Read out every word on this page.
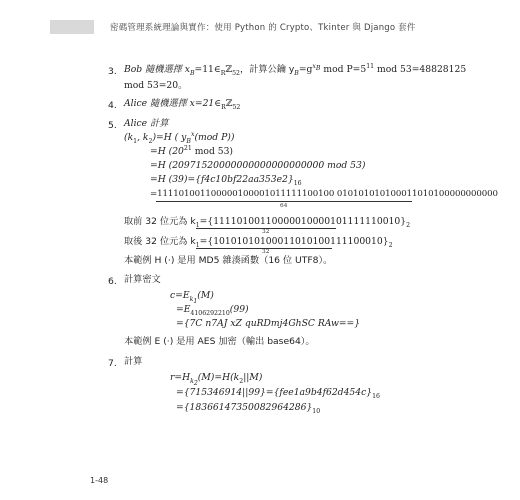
密碼管理系統理論與實作：使用 Python 的 Crypto、Tkinter 與 Django 套件
3. Bob 隨機選擇 $x_B=11\in_Rℤ_{52}$，計算公鑰 $y_B=g^{x_B}$ mod $P=5^{11}$ mod 53=48828125
mod 53=20。
4. Alice 隨機選擇 $x=21\in_Rℤ_{52}$
5. Alice 計算
($k_1$, $k_2)=H$ ( $y_B^x(mod$ P))
=H ($20^{21}$ mod 53)
=H (20971520000000000000000000 mod 53)
=H $(39)=\{f4c10bf22aa353e2\}_{16}$
=111101001100000100001011111100100 010101010100011010100000000000
64
取前 32 位元為 $k_1=\{11110100110000010000101111110010\}_2$
32
取後 32 位元為 $k_1=\{10101010100011010100111100010\}_2$
32
本範例 H (·) 是用 MD5 雜湊函數（16 位 UTF8）。
6. 計算密文
$c=E_{k_1}(M)$
$=E_{4106292210}(99)$
={7C n7AJ xZ quRDmj4GhSC RAw==}
本範例 E (·) 是用 AES 加密（輸出 base64）。
7. 計算
$r=H_{k_2}(M)=H(k_2||M)$
$=\{715346914||99\}=\{fee1a9b4f62d454c\}_{16}$
$=\{18366147350082964286\}_{10}$
1-48
